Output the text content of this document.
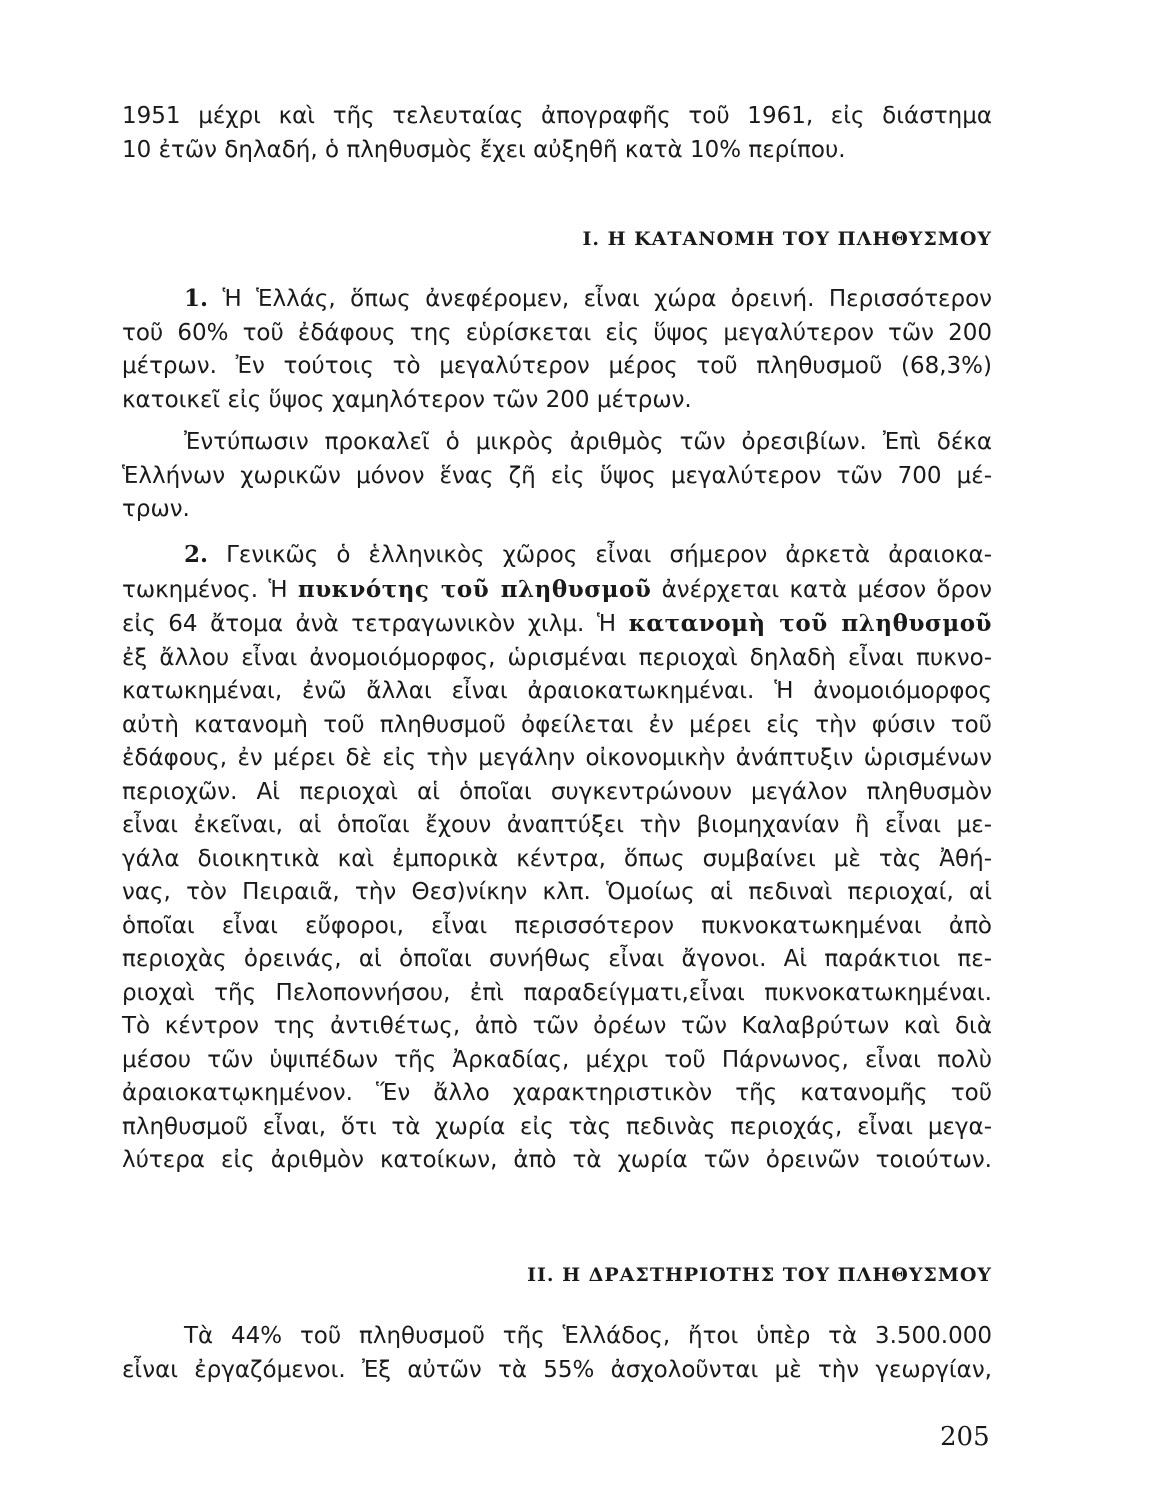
1951 μέχρι καὶ τῆς τελευταίας ἀπογραφῆς τοῦ 1961, εἰς διάστημα
10 ἐτῶν δηλαδή, ὁ πληθυσμὸς ἔχει αὐξηθῆ κατὰ 10% περίπου.
Ι. Η ΚΑΤΑΝΟΜΗ ΤΟΥ ΠΛΗΘΥΣΜΟΥ
1. Ἡ Ἑλλάς, ὅπως ἀνεφέρομεν, εἶναι χώρα ὀρεινή. Περισσότερον
τοῦ 60% τοῦ ἐδάφους της εὑρίσκεται εἰς ὕψος μεγαλύτερον τῶν 200
μέτρων. Ἐν τούτοις τὸ μεγαλύτερον μέρος τοῦ πληθυσμοῦ (68,3%)
κατοικεῖ εἰς ὕψος χαμηλότερον τῶν 200 μέτρων.
Ἐντύπωσιν προκαλεῖ ὁ μικρὸς ἀριθμὸς τῶν ὀρεσιβίων. Ἐπὶ δέκα
Ἑλλήνων χωρικῶν μόνον ἕνας ζῆ εἰς ὕψος μεγαλύτερον τῶν 700 μέ-
τρων.
2. Γενικῶς ὁ ἑλληνικὸς χῶρος εἶναι σήμερον ἀρκετὰ ἀραιοκα-
τωκημένος. Ἡ πυκνότης τοῦ πληθυσμοῦ ἀνέρχεται κατὰ μέσον ὅρον
εἰς 64 ἄτομα ἀνὰ τετραγωνικὸν χιλμ. Ἡ κατανομὴ τοῦ πληθυσμοῦ
ἐξ ἄλλου εἶναι ἀνομοιόμορφος, ὡρισμέναι περιοχαὶ δηλαδὴ εἶναι πυκνο-
κατωκημέναι, ἐνῶ ἄλλαι εἶναι ἀραιοκατωκημέναι. Ἡ ἀνομοιόμορφος
αὐτὴ κατανομὴ τοῦ πληθυσμοῦ ὀφείλεται ἐν μέρει εἰς τὴν φύσιν τοῦ
ἐδάφους, ἐν μέρει δὲ εἰς τὴν μεγάλην οἰκονομικὴν ἀνάπτυξιν ὡρισμένων
περιοχῶν. Αἱ περιοχαὶ αἱ ὁποῖαι συγκεντρώνουν μεγάλον πληθυσμὸν
εἶναι ἐκεῖναι, αἱ ὁποῖαι ἔχουν ἀναπτύξει τὴν βιομηχανίαν ἢ εἶναι με-
γάλα διοικητικὰ καὶ ἐμπορικὰ κέντρα, ὅπως συμβαίνει μὲ τὰς Ἀθή-
νας, τὸν Πειραιᾶ, τὴν Θεσ)νίκην κλπ. Ὁμοίως αἱ πεδιναὶ περιοχαί, αἱ
ὁποῖαι εἶναι εὔφοροι, εἶναι περισσότερον πυκνοκατωκημέναι ἀπὸ
περιοχὰς ὀρεινάς, αἱ ὁποῖαι συνήθως εἶναι ἄγονοι. Αἱ παράκτιοι πε-
ριοχαὶ τῆς Πελοποννήσου, ἐπὶ παραδείγματι,εἶναι πυκνοκατωκημέναι.
Τὸ κέντρον της ἀντιθέτως, ἀπὸ τῶν ὀρέων τῶν Καλαβρύτων καὶ διὰ
μέσου τῶν ὑψιπέδων τῆς Ἀρκαδίας, μέχρι τοῦ Πάρνωνος, εἶναι πολὺ
ἀραιοκατῳκημένον. Ἕν ἄλλο χαρακτηριστικὸν τῆς κατανομῆς τοῦ
πληθυσμοῦ εἶναι, ὅτι τὰ χωρία εἰς τὰς πεδινὰς περιοχάς, εἶναι μεγα-
λύτερα εἰς ἀριθμὸν κατοίκων, ἀπὸ τὰ χωρία τῶν ὀρεινῶν τοιούτων.
ΙΙ. Η ΔΡΑΣΤΗΡΙΟΤΗΣ ΤΟΥ ΠΛΗΘΥΣΜΟΥ
Τὰ 44% τοῦ πληθυσμοῦ τῆς Ἑλλάδος, ἤτοι ὑπὲρ τὰ 3.500.000
εἶναι ἐργαζόμενοι. Ἐξ αὐτῶν τὰ 55% ἀσχολοῦνται μὲ τὴν γεωργίαν,
205
